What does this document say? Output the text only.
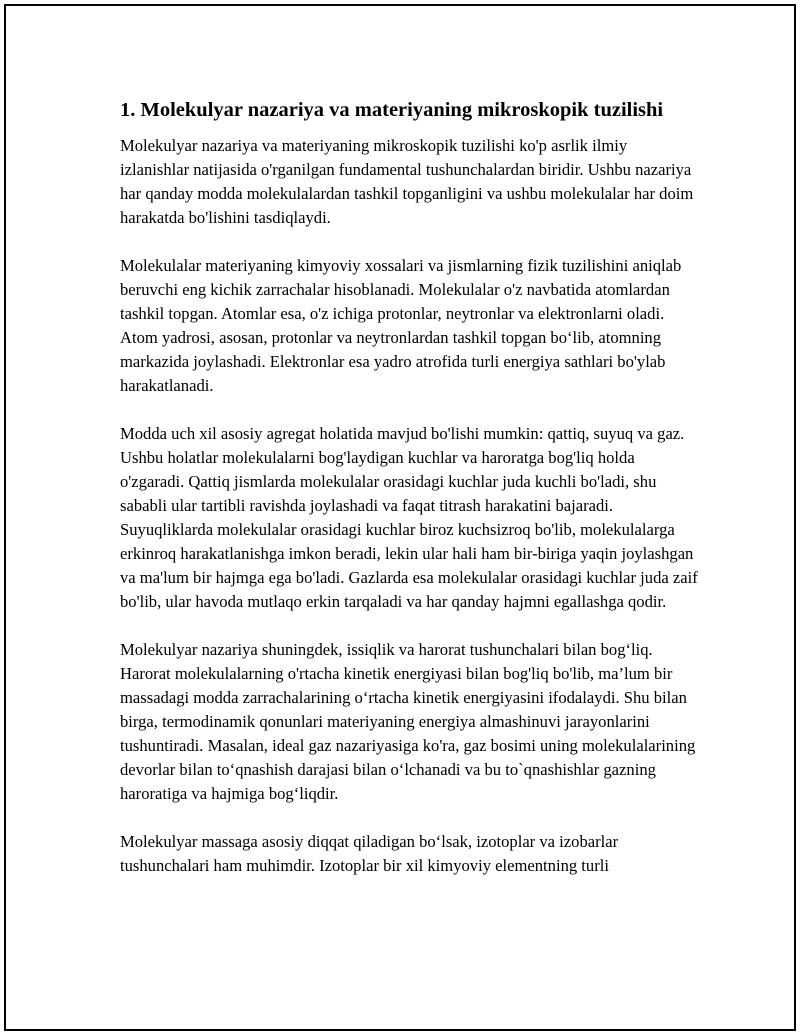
1. Molekulyar nazariya va materiyaning mikroskopik tuzilishi

Molekulyar nazariya va materiyaning mikroskopik tuzilishi ko'p asrlik ilmiy izlanishlar natijasida o'rganilgan fundamental tushunchalardan biridir. Ushbu nazariya har qanday modda molekulalardan tashkil topganligini va ushbu molekulalar har doim harakatda bo'lishini tasdiqlaydi.

Molekulalar materiyaning kimyoviy xossalari va jismlarning fizik tuzilishini aniqlab beruvchi eng kichik zarrachalar hisoblanadi. Molekulalar o'z navbatida atomlardan tashkil topgan. Atomlar esa, o'z ichiga protonlar, neytronlar va elektronlarni oladi. Atom yadrosi, asosan, protonlar va neytronlardan tashkil topgan bo‘lib, atomning markazida joylashadi. Elektronlar esa yadro atrofida turli energiya sathlari bo'ylab harakatlanadi.

Modda uch xil asosiy agregat holatida mavjud bo'lishi mumkin: qattiq, suyuq va gaz. Ushbu holatlar molekulalarni bog'laydigan kuchlar va haroratga bog'liq holda o'zgaradi. Qattiq jismlarda molekulalar orasidagi kuchlar juda kuchli bo'ladi, shu sababli ular tartibli ravishda joylashadi va faqat titrash harakatini bajaradi. Suyuqliklarda molekulalar orasidagi kuchlar biroz kuchsizroq bo'lib, molekulalarga erkinroq harakatlanishga imkon beradi, lekin ular hali ham bir-biriga yaqin joylashgan va ma'lum bir hajmga ega bo'ladi. Gazlarda esa molekulalar orasidagi kuchlar juda zaif bo'lib, ular havoda mutlaqo erkin tarqaladi va har qanday hajmni egallashga qodir.

Molekulyar nazariya shuningdek, issiqlik va harorat tushunchalari bilan bog‘liq. Harorat molekulalarning o'rtacha kinetik energiyasi bilan bog'liq bo'lib, ma’lum bir massadagi modda zarrachalarining o‘rtacha kinetik energiyasini ifodalaydi. Shu bilan birga, termodinamik qonunlari materiyaning energiya almashinuvi jarayonlarini tushuntiradi. Masalan, ideal gaz nazariyasiga ko'ra, gaz bosimi uning molekulalarining devorlar bilan to‘qnashish darajasi bilan o‘lchanadi va bu to`qnashishlar gazning haroratiga va hajmiga bog‘liqdir.

Molekulyar massaga asosiy diqqat qiladigan bo‘lsak, izotoplar va izobarlar tushunchalari ham muhimdir. Izotoplar bir xil kimyoviy elementning turli
